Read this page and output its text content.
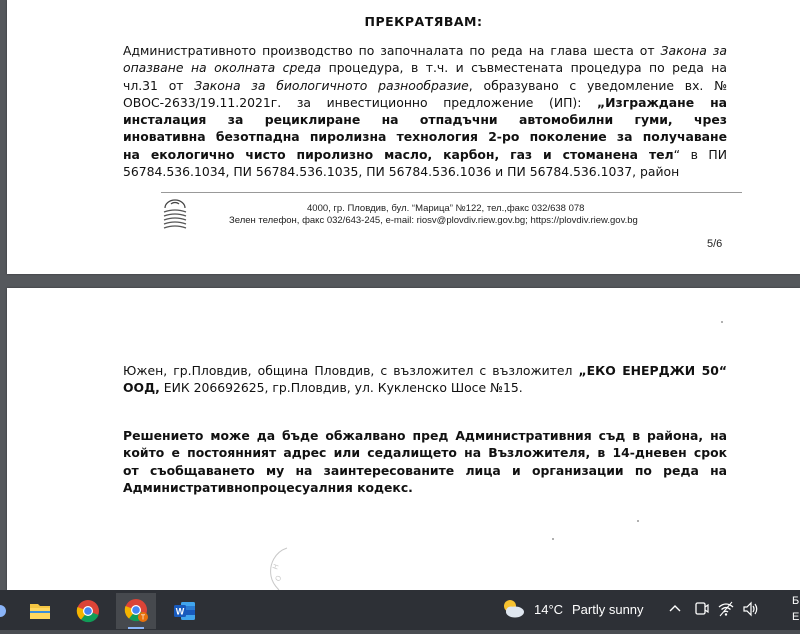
ПРЕКРАТЯВАМ:
Административното производство по започналата по реда на глава шеста от Закона за
опазване на околната среда процедура, в т.ч. и съвместената процедура по реда на
чл.31 от Закона за биологичното разнообразие, образувано с уведомление вх. №
ОВОС-2633/19.11.2021г. за инвестиционно предложение (ИП): „Изграждане на
инсталация за рециклиране на отпадъчни автомобилни гуми, чрез
иновативна безотпадна пиролизна технология 2-ро поколение за получаване
на екологично чисто пиролизно масло, карбон, газ и стоманена тел“ в ПИ
56784.536.1034, ПИ 56784.536.1035, ПИ 56784.536.1036 и ПИ 56784.536.1037, район
4000, гр. Пловдив, бул. “Марица” №122, тел.,факс 032/638 078
Зелен телефон, факс 032/643-245, e-mail: riosv@plovdiv.riew.gov.bg; https://plovdiv.riew.gov.bg
5/6
Южен, гр.Пловдив, община Пловдив, с възложител с възложител „ЕКО ЕНЕРДЖИ 50“
ООД, ЕИК 206692625, гр.Пловдив, ул. Кукленско Шосе №15.
Решението може да бъде обжалвано пред Административния съд в района, на
който е постоянният адрес или седалището на Възложителя, в 14-дневен срок
от съобщаването му на заинтересованите лица и организации по реда на
Административнопроцесуалния кодекс.
Н
О
T
W	14°C Partly sunny
Б
Е
